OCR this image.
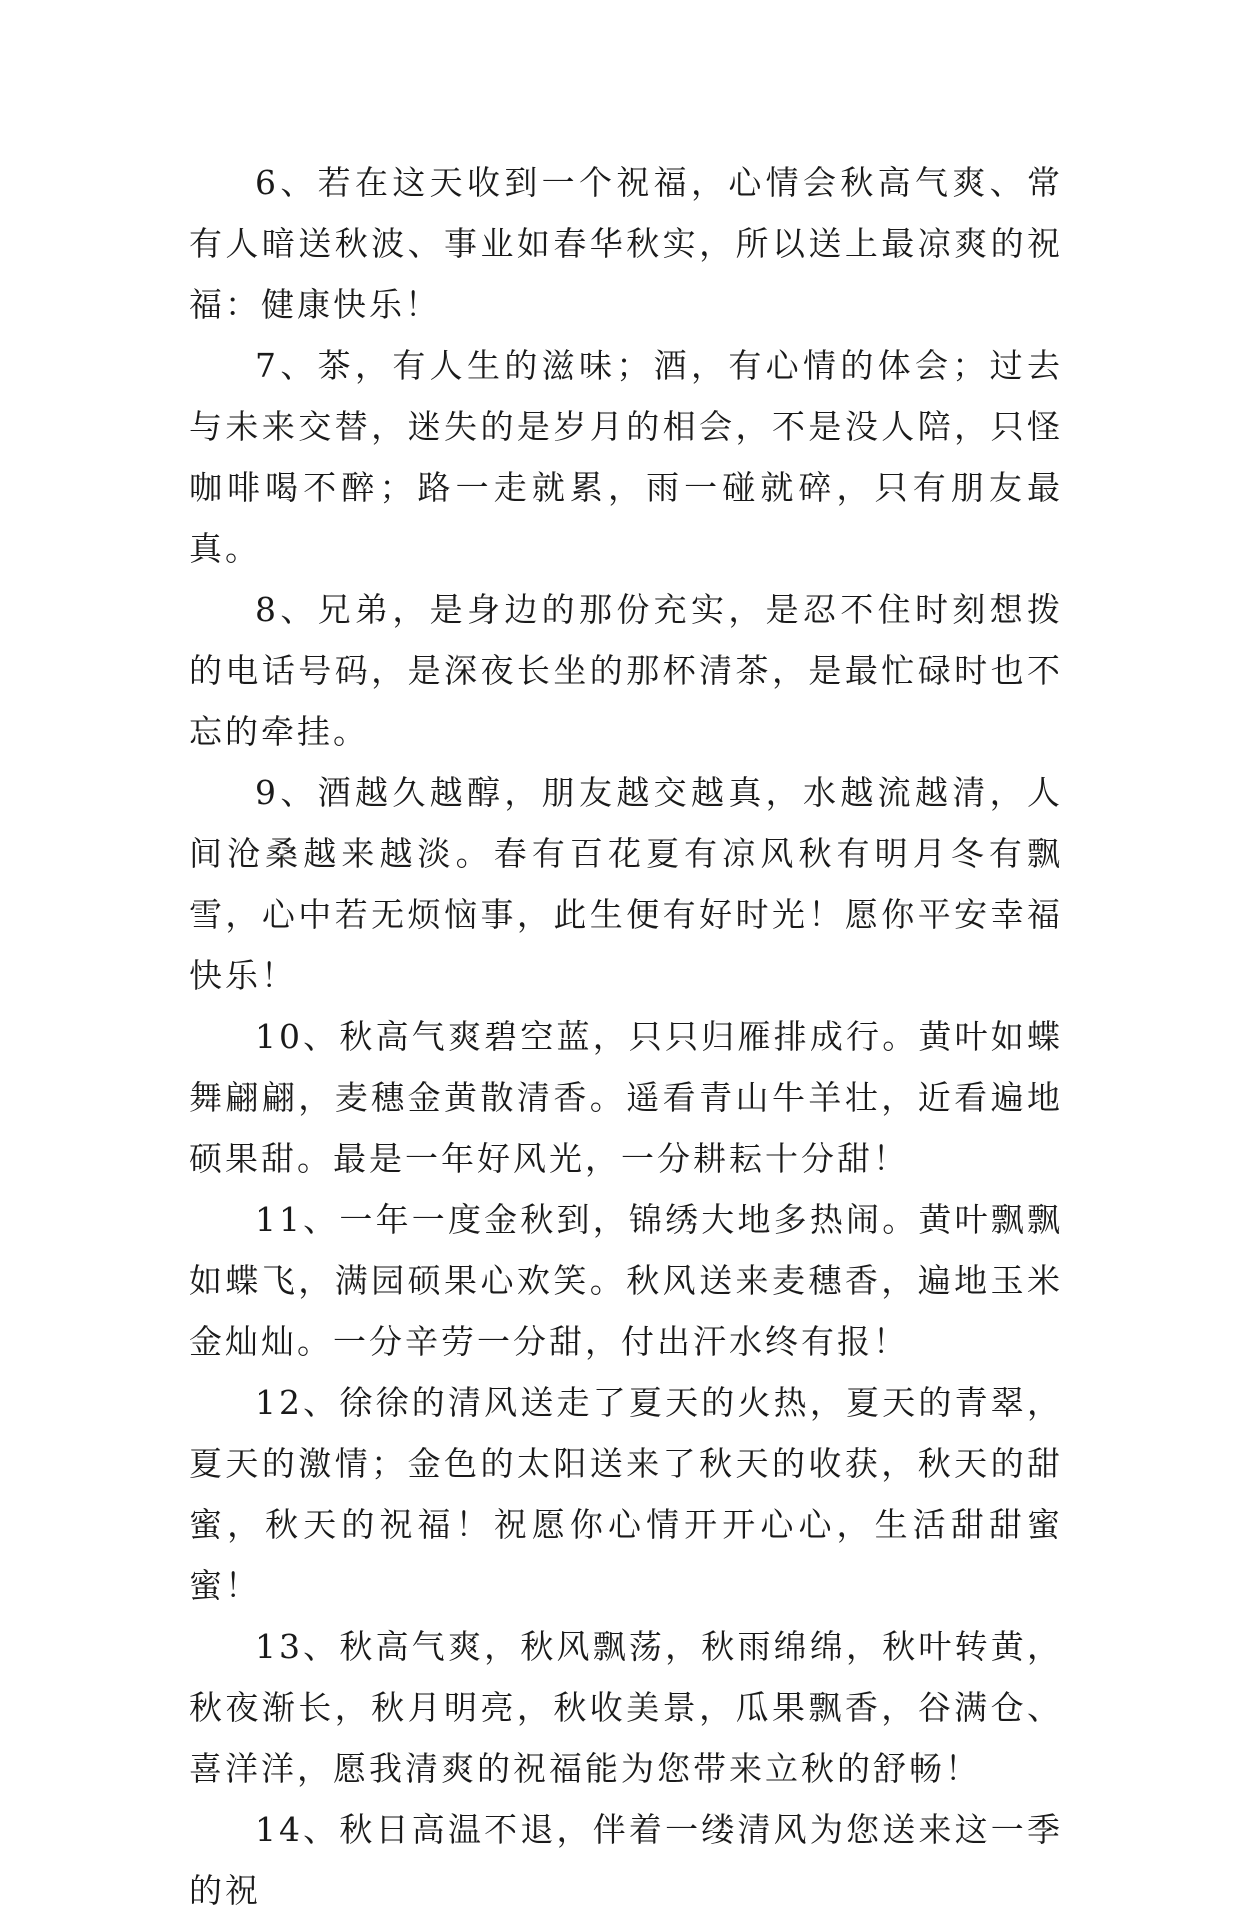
6、若在这天收到一个祝福，心情会秋高气爽、常有人暗送秋波、事业如春华秋实，所以送上最凉爽的祝福：健康快乐！

7、茶，有人生的滋味；酒，有心情的体会；过去与未来交替，迷失的是岁月的相会，不是没人陪，只怪咖啡喝不醉；路一走就累，雨一碰就碎，只有朋友最真。

8、兄弟，是身边的那份充实，是忍不住时刻想拨的电话号码，是深夜长坐的那杯清茶，是最忙碌时也不忘的牵挂。

9、酒越久越醇，朋友越交越真，水越流越清，人间沧桑越来越淡。春有百花夏有凉风秋有明月冬有飘雪，心中若无烦恼事，此生便有好时光！愿你平安幸福快乐！

10、秋高气爽碧空蓝，只只归雁排成行。黄叶如蝶舞翩翩，麦穗金黄散清香。遥看青山牛羊壮，近看遍地硕果甜。最是一年好风光，一分耕耘十分甜！

11、一年一度金秋到，锦绣大地多热闹。黄叶飘飘如蝶飞，满园硕果心欢笑。秋风送来麦穗香，遍地玉米金灿灿。一分辛劳一分甜，付出汗水终有报！

12、徐徐的清风送走了夏天的火热，夏天的青翠，夏天的激情；金色的太阳送来了秋天的收获，秋天的甜蜜，秋天的祝福！祝愿你心情开开心心，生活甜甜蜜蜜！

13、秋高气爽，秋风飘荡，秋雨绵绵，秋叶转黄，秋夜渐长，秋月明亮，秋收美景，瓜果飘香，谷满仓、喜洋洋，愿我清爽的祝福能为您带来立秋的舒畅！

14、秋日高温不退，伴着一缕清风为您送来这一季的祝
